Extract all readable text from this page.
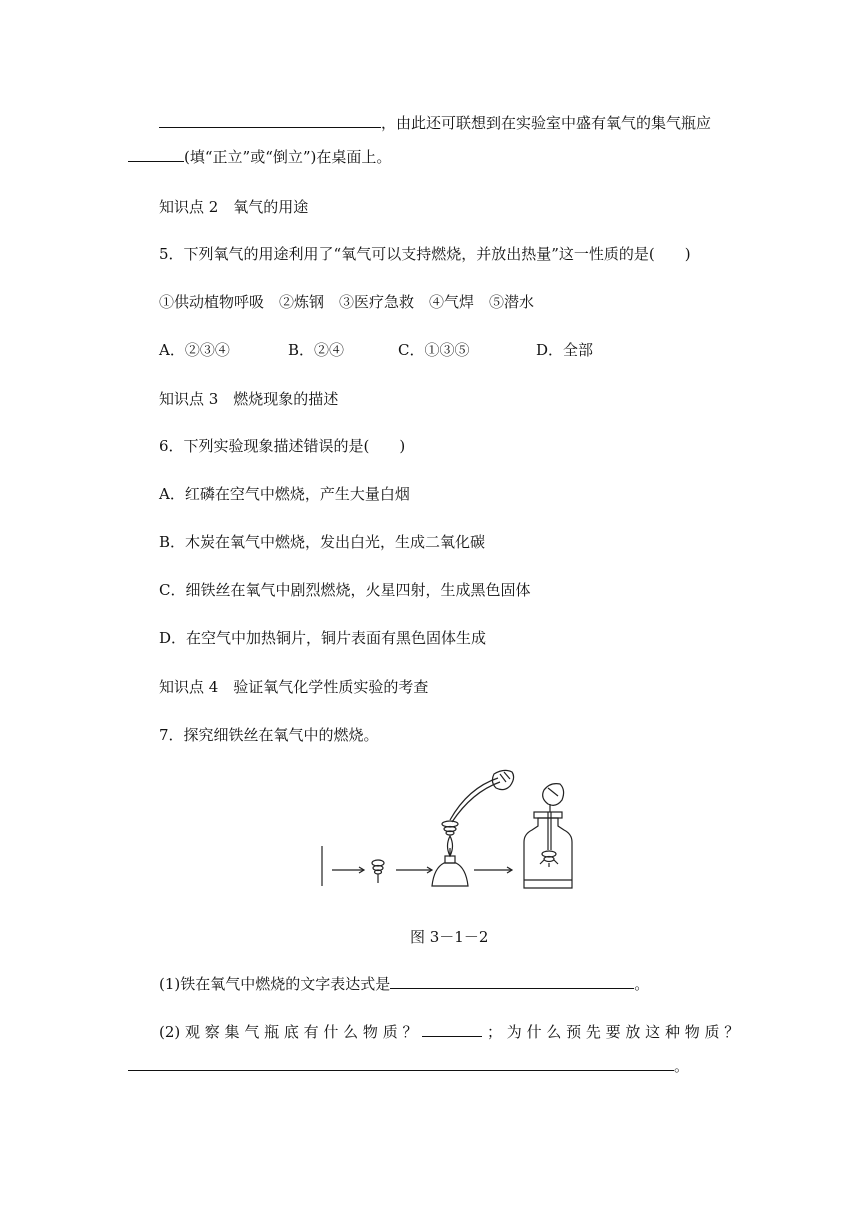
，由此还可联想到在实验室中盛有氧气的集气瓶应
(填“正立”或“倒立”)在桌面上。
知识点 2　氧气的用途
5．下列氧气的用途利用了“氧气可以支持燃烧，并放出热量”这一性质的是(　　)
①供动植物呼吸　②炼钢　③医疗急救　④气焊　⑤潜水
A．②③④	B．②④	C．①③⑤	D．全部
知识点 3　燃烧现象的描述
6．下列实验现象描述错误的是(　　)
A．红磷在空气中燃烧，产生大量白烟
B．木炭在氧气中燃烧，发出白光，生成二氧化碳
C．细铁丝在氧气中剧烈燃烧，火星四射，生成黑色固体
D．在空气中加热铜片，铜片表面有黑色固体生成
知识点 4　验证氧气化学性质实验的考查
7．探究细铁丝在氧气中的燃烧。
图 3－1－2
(1)铁在氧气中燃烧的文字表达式是	。
(2) 观 察 集 气 瓶 底 有 什 么 物 质 ？	； 为 什 么 预 先 要 放 这 种 物 质 ？
。
